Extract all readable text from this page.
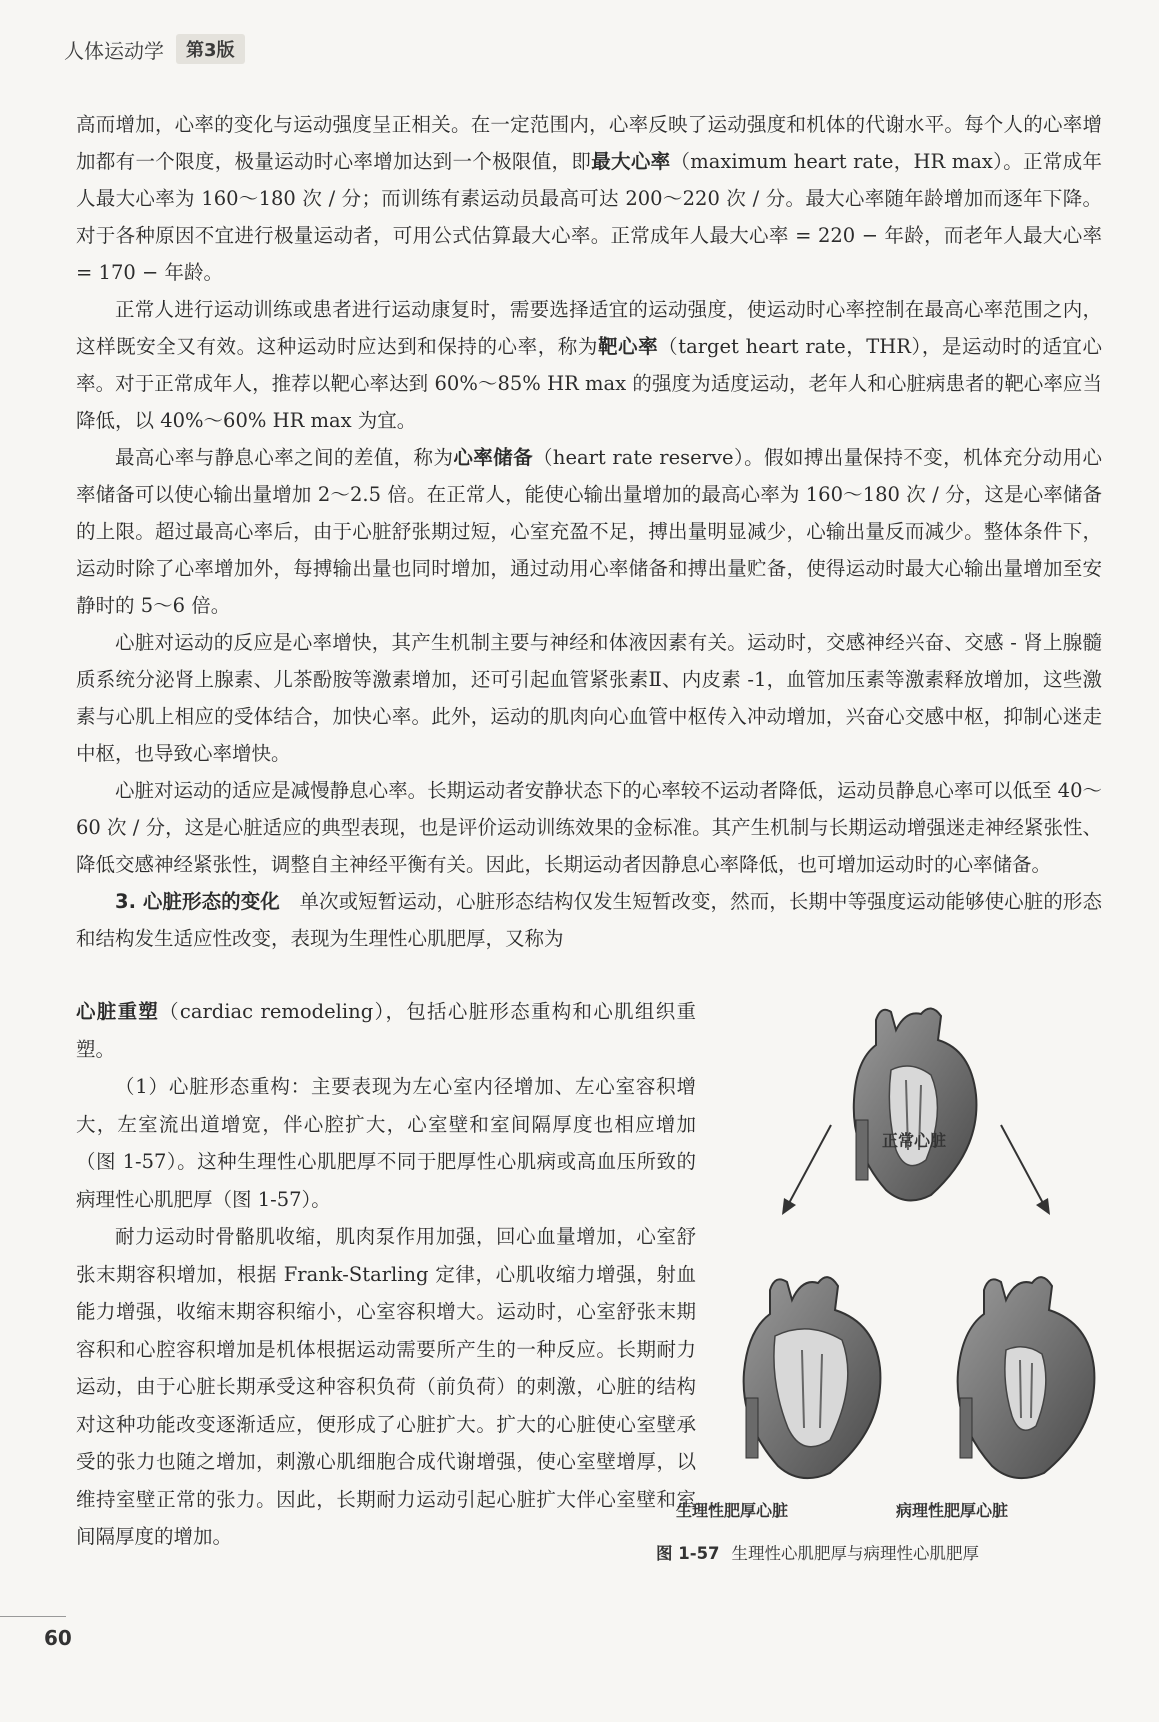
人体运动学	第3版

高而增加，心率的变化与运动强度呈正相关。在一定范围内，心率反映了运动强度和机体的代谢水平。每个人的心率增加都有一个限度，极量运动时心率增加达到一个极限值，即最大心率（maximum heart rate，HR max）。正常成年人最大心率为 160～180 次 / 分；而训练有素运动员最高可达 200～220 次 / 分。最大心率随年龄增加而逐年下降。对于各种原因不宜进行极量运动者，可用公式估算最大心率。正常成年人最大心率 = 220 − 年龄，而老年人最大心率 = 170 − 年龄。

正常人进行运动训练或患者进行运动康复时，需要选择适宜的运动强度，使运动时心率控制在最高心率范围之内，这样既安全又有效。这种运动时应达到和保持的心率，称为靶心率（target heart rate，THR），是运动时的适宜心率。对于正常成年人，推荐以靶心率达到 60%～85% HR max 的强度为适度运动，老年人和心脏病患者的靶心率应当降低，以 40%～60% HR max 为宜。

最高心率与静息心率之间的差值，称为心率储备（heart rate reserve）。假如搏出量保持不变，机体充分动用心率储备可以使心输出量增加 2～2.5 倍。在正常人，能使心输出量增加的最高心率为 160～180 次 / 分，这是心率储备的上限。超过最高心率后，由于心脏舒张期过短，心室充盈不足，搏出量明显减少，心输出量反而减少。整体条件下，运动时除了心率增加外，每搏输出量也同时增加，通过动用心率储备和搏出量贮备，使得运动时最大心输出量增加至安静时的 5～6 倍。

心脏对运动的反应是心率增快，其产生机制主要与神经和体液因素有关。运动时，交感神经兴奋、交感 - 肾上腺髓质系统分泌肾上腺素、儿茶酚胺等激素增加，还可引起血管紧张素Ⅱ、内皮素 -1，血管加压素等激素释放增加，这些激素与心肌上相应的受体结合，加快心率。此外，运动的肌肉向心血管中枢传入冲动增加，兴奋心交感中枢，抑制心迷走中枢，也导致心率增快。

心脏对运动的适应是减慢静息心率。长期运动者安静状态下的心率较不运动者降低，运动员静息心率可以低至 40～60 次 / 分，这是心脏适应的典型表现，也是评价运动训练效果的金标准。其产生机制与长期运动增强迷走神经紧张性、降低交感神经紧张性，调整自主神经平衡有关。因此，长期运动者因静息心率降低，也可增加运动时的心率储备。

3. 心脏形态的变化　 单次或短暂运动，心脏形态结构仅发生短暂改变，然而，长期中等强度运动能够使心脏的形态和结构发生适应性改变，表现为生理性心肌肥厚，又称为

心脏重塑（cardiac remodeling），包括心脏形态重构和心肌组织重塑。

（1）心脏形态重构：主要表现为左心室内径增加、左心室容积增大，左室流出道增宽，伴心腔扩大，心室壁和室间隔厚度也相应增加（图 1-57）。这种生理性心肌肥厚不同于肥厚性心肌病或高血压所致的病理性心肌肥厚（图 1-57）。

耐力运动时骨骼肌收缩，肌肉泵作用加强，回心血量增加，心室舒张末期容积增加，根据 Frank-Starling 定律，心肌收缩力增强，射血能力增强，收缩末期容积缩小，心室容积增大。运动时，心室舒张末期容积和心腔容积增加是机体根据运动需要所产生的一种反应。长期耐力运动，由于心脏长期承受这种容积负荷（前负荷）的刺激，心脏的结构对这种功能改变逐渐适应，便形成了心脏扩大。扩大的心脏使心室壁承受的张力也随之增加，刺激心肌细胞合成代谢增强，使心室壁增厚，以维持室壁正常的张力。因此，长期耐力运动引起心脏扩大伴心室壁和室间隔厚度的增加。

正常心脏
生理性肥厚心脏	病理性肥厚心脏
图 1-57 生理性心肌肥厚与病理性心肌肥厚
60
